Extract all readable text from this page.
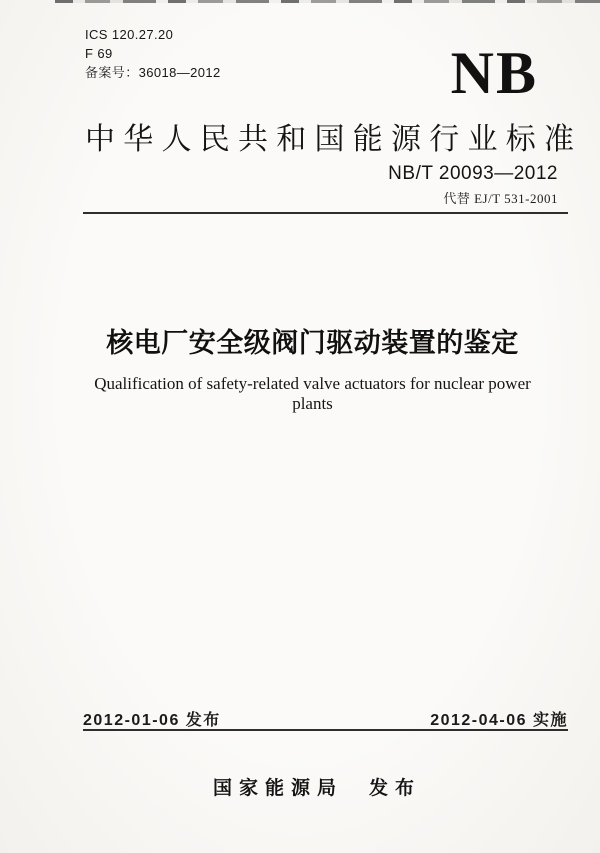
ICS 120.27.20
F 69
备案号：36018—2012	NB
中 华 人 民 共 和 国 能 源 行 业 标 准
NB/T 20093—2012
代替 EJ/T 531-2001
核电厂安全级阀门驱动装置的鉴定
Qualification of safety-related valve actuators for nuclear power plants
2012-01-06 发布	2012-04-06 实施
国家能源局 发布
